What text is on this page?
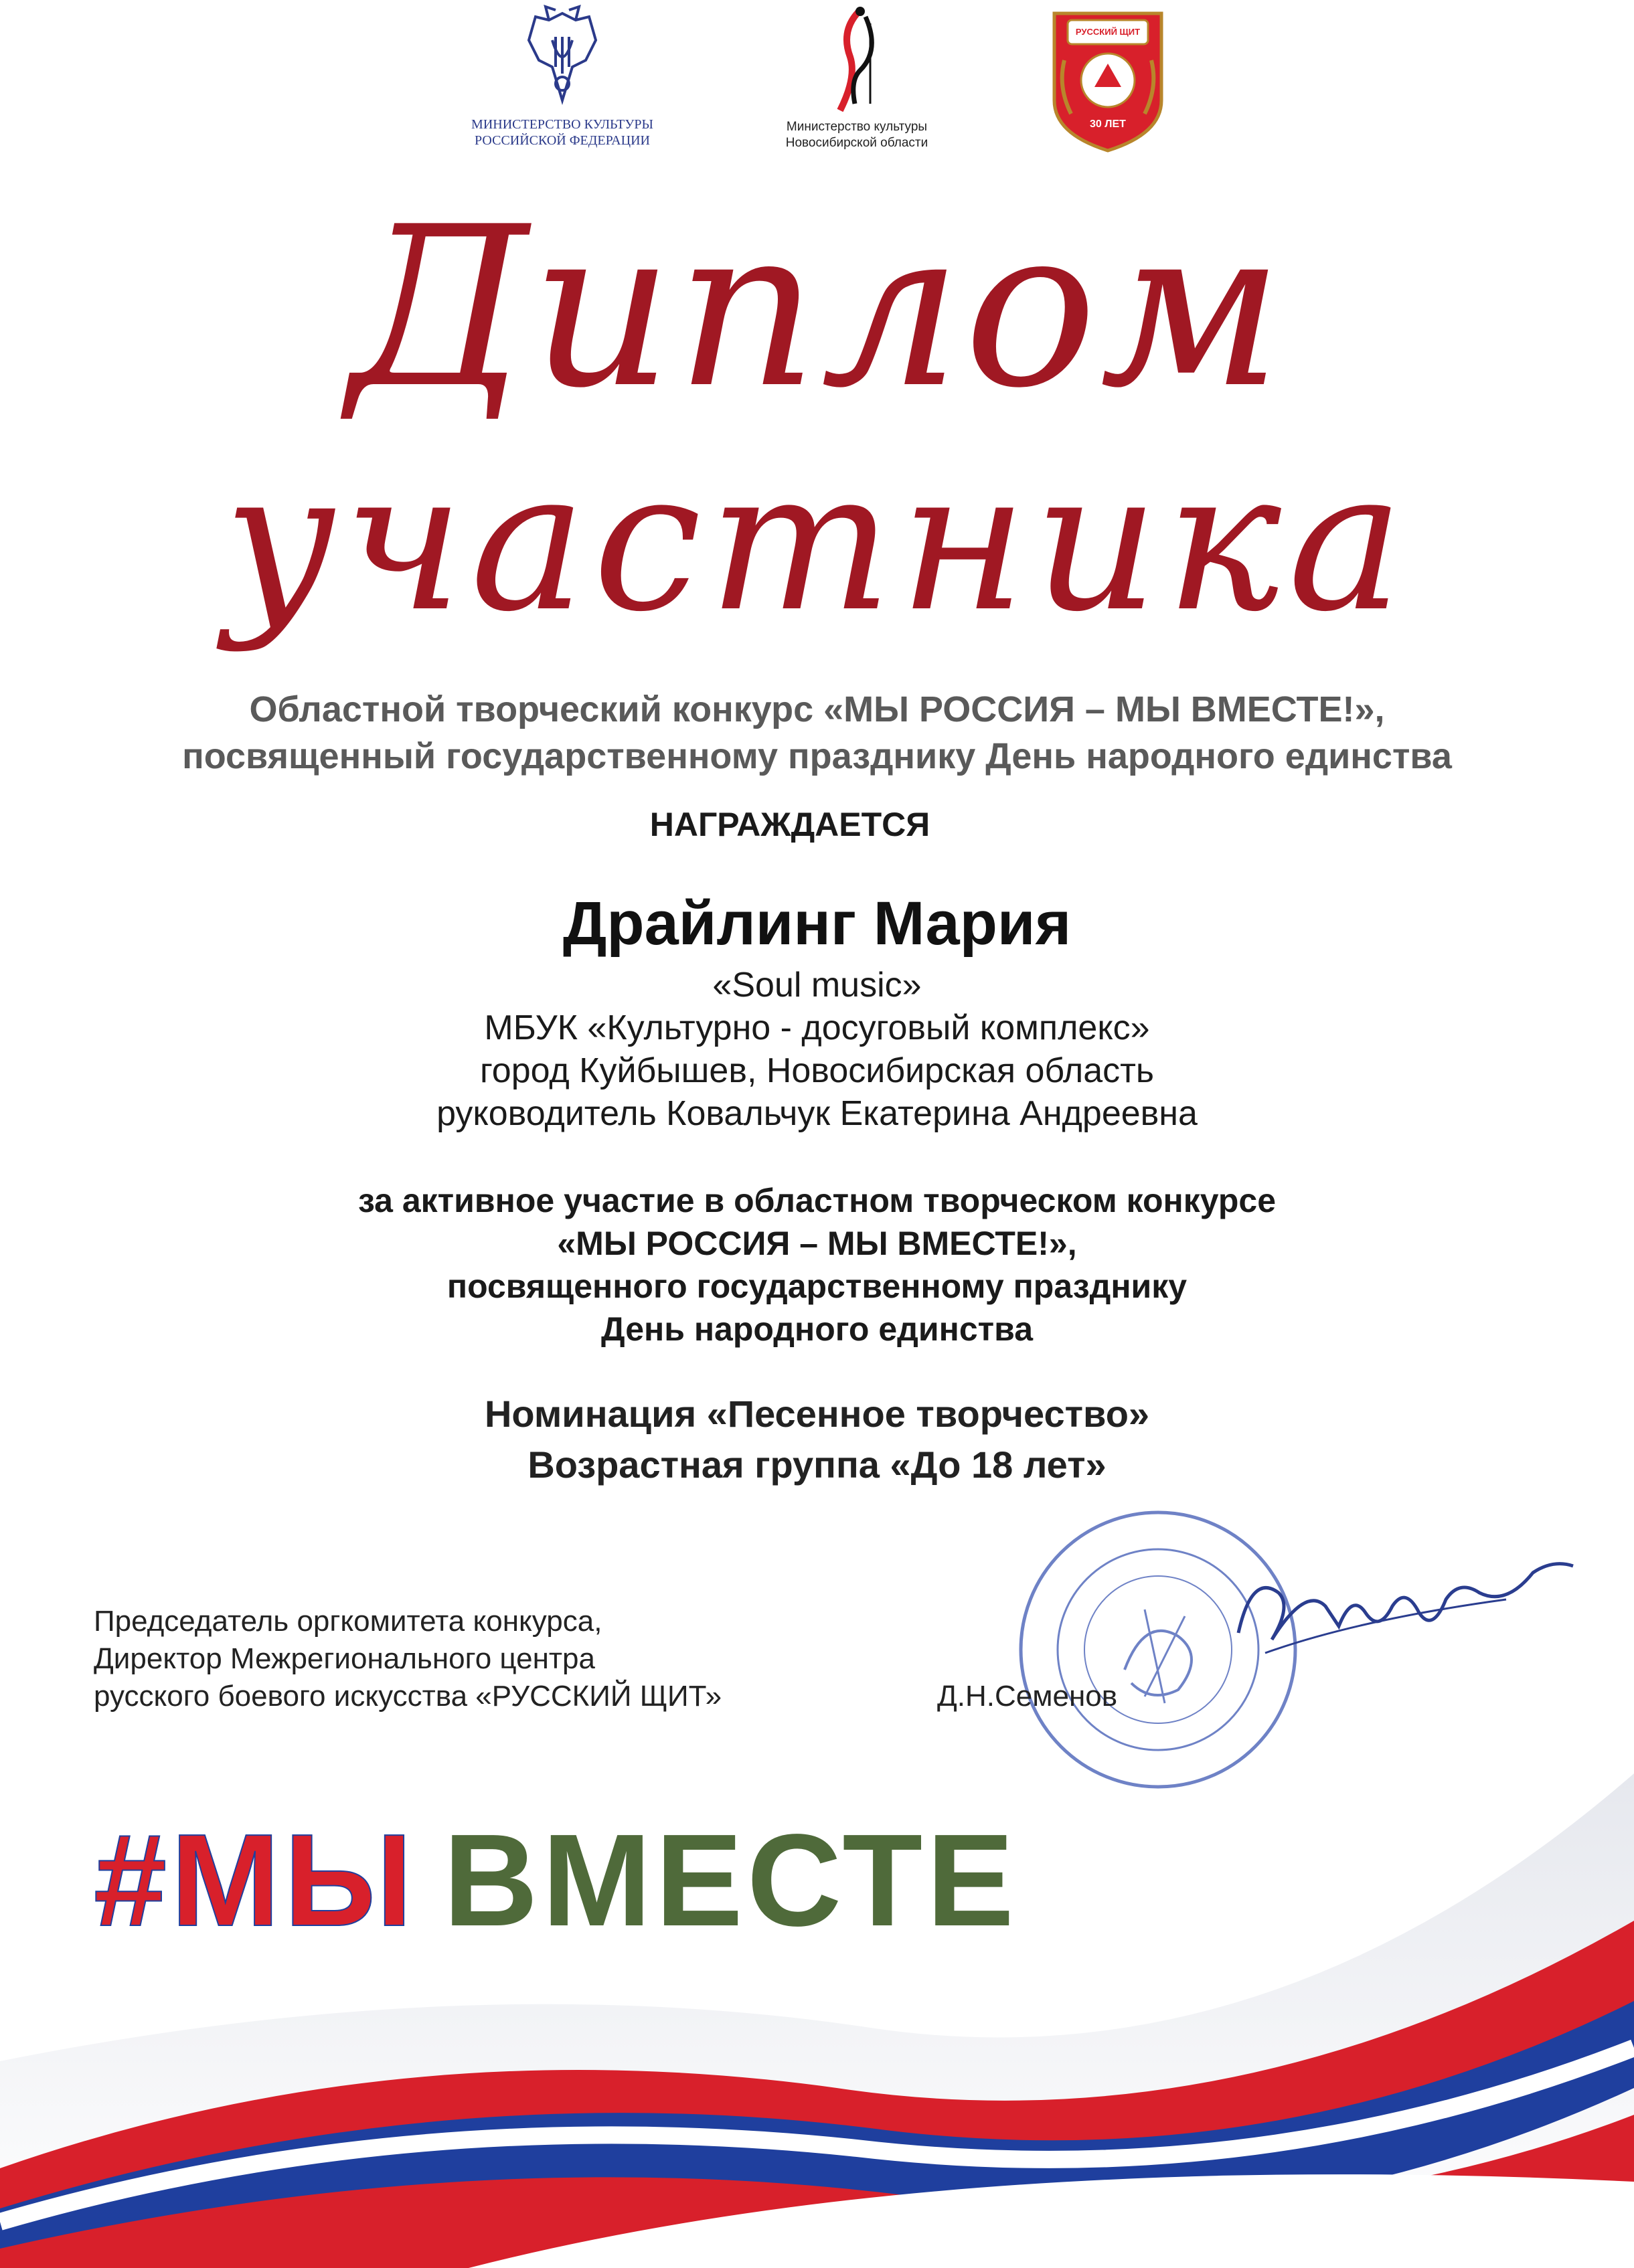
МИНИСТЕРСТВО КУЛЬТУРЫ
РОССИЙСКОЙ ФЕДЕРАЦИИ
Министерство культуры
Новосибирской области
РУССКИЙ ЩИТ
30 ЛЕТ
Диплом
участника
Областной творческий конкурс «МЫ РОССИЯ – МЫ ВМЕСТЕ!»,
посвященный государственному празднику День народного единства
НАГРАЖДАЕТСЯ
Драйлинг Мария
«Soul music»
МБУК «Культурно - досуговый комплекс»
город Куйбышев, Новосибирская область
руководитель Ковальчук Екатерина Андреевна
за активное участие в областном творческом конкурсе
«МЫ РОССИЯ – МЫ ВМЕСТЕ!»,
посвященного государственному празднику
День народного единства
Номинация «Песенное творчество»
Возрастная группа «До 18 лет»
Председатель оргкомитета конкурса,
Директор Межрегионального центра
русского боевого искусства «РУССКИЙ ЩИТ»	Д.Н.Семенов
#МЫ ВМЕСТЕ
